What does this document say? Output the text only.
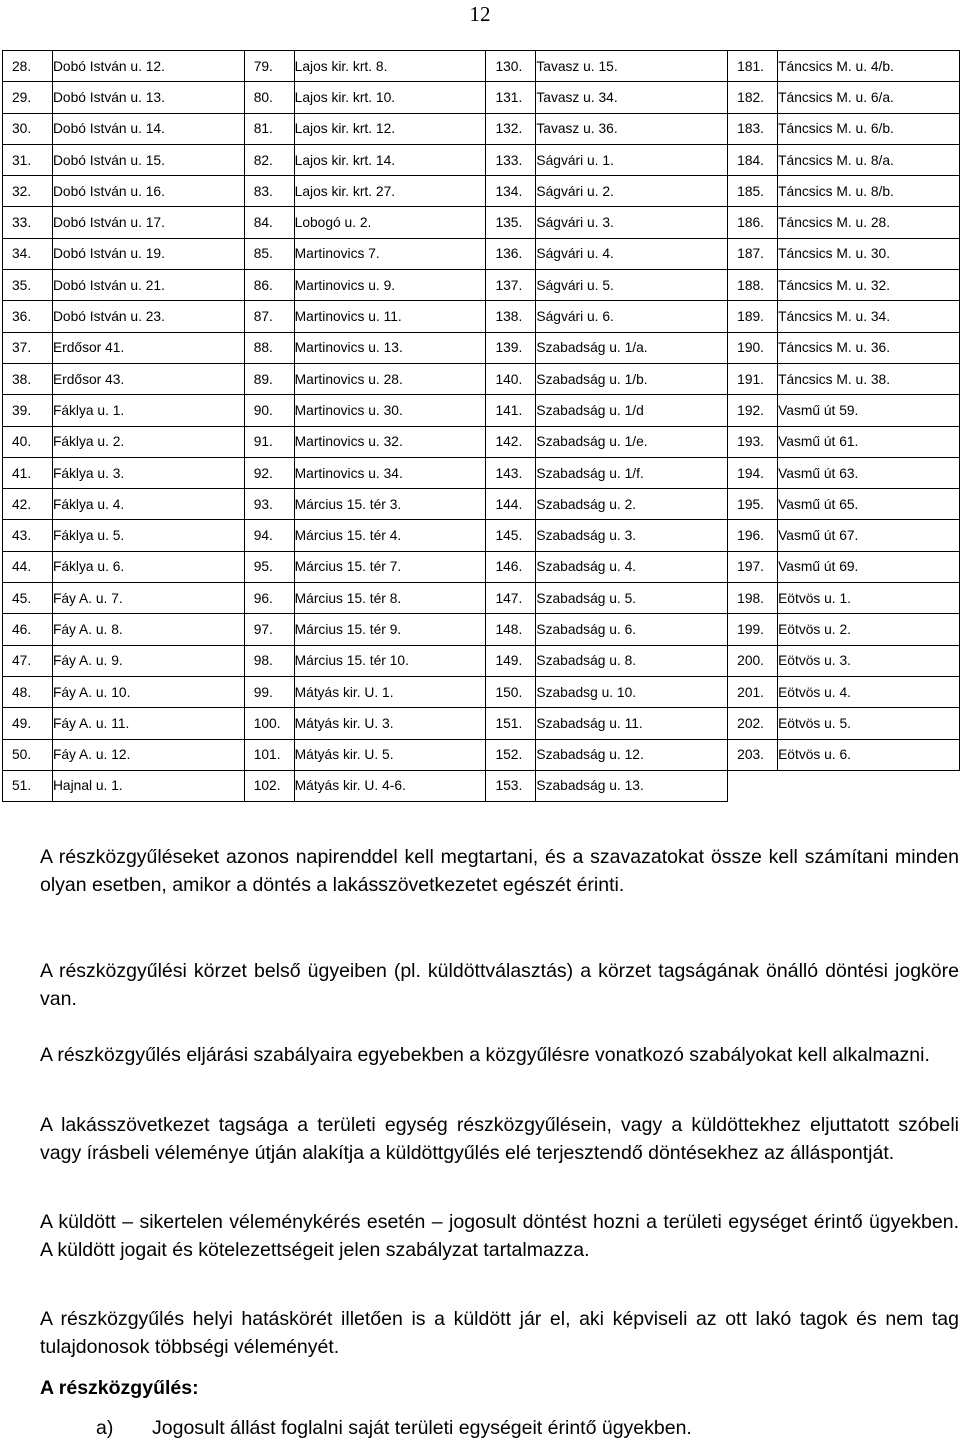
12
28.	Dobó István u. 12.	79.	Lajos kir. krt. 8.	130.	Tavasz u. 15.	181.	Táncsics M. u. 4/b.
29.	Dobó István u. 13.	80.	Lajos kir. krt. 10.	131.	Tavasz u. 34.	182.	Táncsics M. u. 6/a.
30.	Dobó István u. 14.	81.	Lajos kir. krt. 12.	132.	Tavasz u. 36.	183.	Táncsics M. u. 6/b.
31.	Dobó István u. 15.	82.	Lajos kir. krt. 14.	133.	Ságvári u. 1.	184.	Táncsics M. u. 8/a.
32.	Dobó István u. 16.	83.	Lajos kir. krt. 27.	134.	Ságvári u. 2.	185.	Táncsics M. u. 8/b.
33.	Dobó István u. 17.	84.	Lobogó u. 2.	135.	Ságvári u. 3.	186.	Táncsics M. u. 28.
34.	Dobó István u. 19.	85.	Martinovics 7.	136.	Ságvári u. 4.	187.	Táncsics M. u. 30.
35.	Dobó István u. 21.	86.	Martinovics u. 9.	137.	Ságvári u. 5.	188.	Táncsics M. u. 32.
36.	Dobó István u. 23.	87.	Martinovics u. 11.	138.	Ságvári u. 6.	189.	Táncsics M. u. 34.
37.	Erdősor 41.	88.	Martinovics u. 13.	139.	Szabadság u. 1/a.	190.	Táncsics M. u. 36.
38.	Erdősor 43.	89.	Martinovics u. 28.	140.	Szabadság u. 1/b.	191.	Táncsics M. u. 38.
39.	Fáklya u. 1.	90.	Martinovics u. 30.	141.	Szabadság u. 1/d	192.	Vasmű út 59.
40.	Fáklya u. 2.	91.	Martinovics u. 32.	142.	Szabadság u. 1/e.	193.	Vasmű út 61.
41.	Fáklya u. 3.	92.	Martinovics u. 34.	143.	Szabadság u. 1/f.	194.	Vasmű út 63.
42.	Fáklya u. 4.	93.	Március 15. tér 3.	144.	Szabadság u. 2.	195.	Vasmű út 65.
43.	Fáklya u. 5.	94.	Március 15. tér 4.	145.	Szabadság u. 3.	196.	Vasmű út 67.
44.	Fáklya u. 6.	95.	Március 15. tér 7.	146.	Szabadság u. 4.	197.	Vasmű út 69.
45.	Fáy A. u. 7.	96.	Március 15. tér 8.	147.	Szabadság u. 5.	198.	Eötvös u. 1.
46.	Fáy A. u. 8.	97.	Március 15. tér 9.	148.	Szabadság u. 6.	199.	Eötvös u. 2.
47.	Fáy A. u. 9.	98.	Március 15. tér 10.	149.	Szabadság u. 8.	200.	Eötvös u. 3.
48.	Fáy A. u. 10.	99.	Mátyás kir. U. 1.	150.	Szabadsg u. 10.	201.	Eötvös u. 4.
49.	Fáy A. u. 11.	100.	Mátyás kir. U. 3.	151.	Szabadság u. 11.	202.	Eötvös u. 5.
50.	Fáy A. u. 12.	101.	Mátyás kir. U. 5.	152.	Szabadság u. 12.	203.	Eötvös u. 6.
51.	Hajnal u. 1.	102.	Mátyás kir. U. 4-6.	153.	Szabadság u. 13.		

A részközgyűléseket azonos napirenddel kell megtartani, és a szavazatokat össze kell számítani minden olyan esetben, amikor a döntés a lakásszövetkezetet egészét érinti.

A részközgyűlési körzet belső ügyeiben (pl. küldöttválasztás) a körzet tagságának önálló döntési jogköre van.

A részközgyűlés eljárási szabályaira egyebekben a közgyűlésre vonatkozó szabályokat kell alkalmazni.

A lakásszövetkezet tagsága a területi egység részközgyűlésein, vagy a küldöttekhez eljuttatott szóbeli vagy írásbeli véleménye útján alakítja a küldöttgyűlés elé terjesztendő döntésekhez az álláspontját.

A küldött – sikertelen véleménykérés esetén – jogosult döntést hozni a területi egységet érintő ügyekben. A küldött jogait és kötelezettségeit jelen szabályzat tartalmazza.

A részközgyűlés helyi hatáskörét illetően is a küldött jár el, aki képviseli az ott lakó tagok és nem tag tulajdonosok többségi véleményét.

A részközgyűlés:

a)	Jogosult állást foglalni saját területi egységeit érintő ügyekben.
